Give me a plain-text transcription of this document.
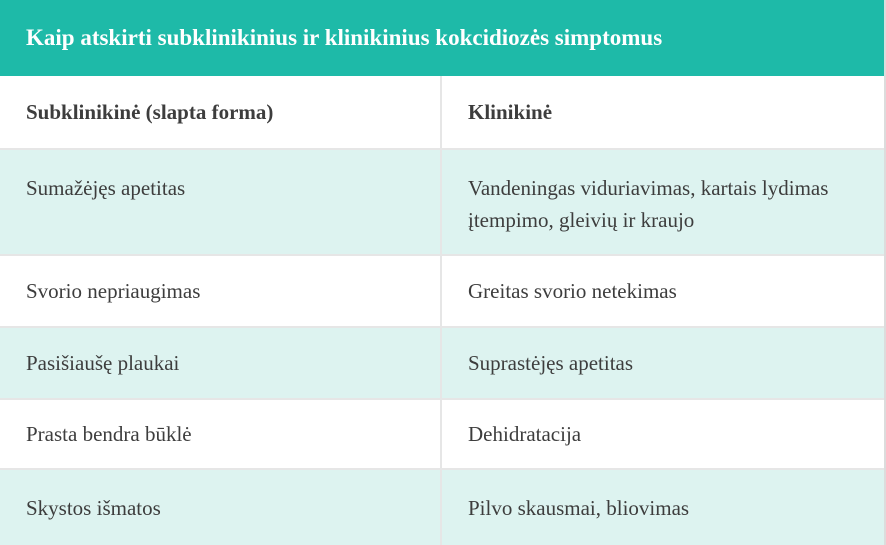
Kaip atskirti subklinikinius ir klinikinius kokcidiozės simptomus
Subklinikinė (slapta forma)	Klinikinė
Sumažėjęs apetitas	Vandeningas viduriavimas, kartais lydimas įtempimo, gleivių ir kraujo
Svorio nepriaugimas	Greitas svorio netekimas
Pasišiaušę plaukai	Suprastėjęs apetitas
Prasta bendra būklė	Dehidratacija
Skystos išmatos	Pilvo skausmai, bliovimas
